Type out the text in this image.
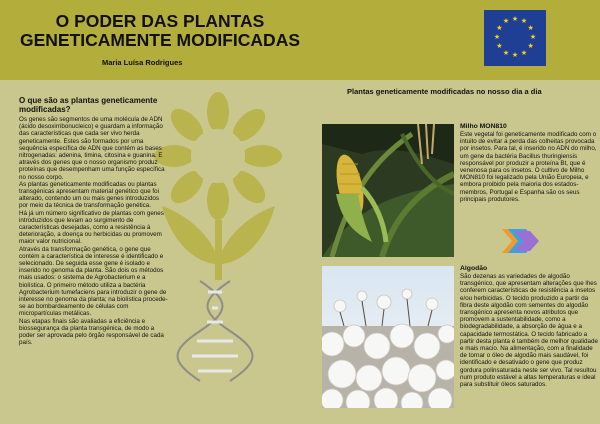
O PODER DAS PLANTAS
GENETICAMENTE MODIFICADAS
Maria Luísa Rodrigues
★ ★
★
★
★
★
★
★
★
★
★
★
O que são as plantas geneticamente modificadas?
Os genes são segmentos de uma molécula de ADN (ácido desoxirribonucleico) e guardam a informação das características que cada ser vivo herda geneticamente. Estes são formados por uma sequência específica de ADN que contém as bases nitrogenadas: adenina, timina, citosina e guanina. E através dos genes que o nosso organismo produz proteínas que desempenham uma função específica no nosso corpo.
As plantas geneticamente modificadas ou plantas transgénicas apresentam material genético que foi alterado, contendo um ou mais genes introduzidos por meio da técnica de transformação genética.
Há já um número significativo de plantas com genes introduzidos que levam ao surgimento de características desejadas, como a resistência à deterioração, a doença ou herbicidas ou promovem maior valor nutricional.
Através da transformação genética, o gene que contém a característica de interesse é identificado e selecionado. De seguida esse gene é isolado e inserido no genoma da planta. São dois os métodos mais usados: o sistema de Agrobacterium e a biolística. O primeiro método utiliza a bactéria Agrobacterium tumefaciens para introduzir o gene de interesse no genoma da planta; na biolística procede-se ao bombardeamento de células com micropartículas metálicas.
Nas etapas finais são avaliadas a eficiência e biossegurança da planta transgénica, de modo a poder ser aprovada pelo órgão responsável de cada país.
Plantas geneticamente modificadas no nosso dia a dia
Milho MON810
Este vegetal foi geneticamente modificado com o intuito de evitar a perda das colheitas provocada por insetos. Para tal, é inserido no ADN do milho, um gene da bactéria Bacillus thuringiensis responsável por produzir a proteína Bt, que é venenosa para os insetos. O cultivo de Milho MON810 foi legalizado pela União Europeia, e embora proibido pela maioria dos estados-membros, Portugal e Espanha são os seus principais produtores.
Algodão
São dezenas as variedades de algodão transgénico, que apresentam alterações que lhes conferem características de resistência a insetos e/ou herbicidas. O tecido produzido a partir da fibra deste algodão com sementes do algodão transgénico apresenta novos atributos que promovem a sustentabilidade, como a biodegradabilidade, a absorção de água e a capacidade termostática. O tecido fabricado a partir desta planta é também de melhor qualidade e mais macio. Na alimentação, com a finalidade de tornar o óleo de algodão mais saudável, foi identificado e desativado o gene que produz gordura polinsaturada neste ser vivo. Tal resultou num produto estável a altas temperaturas e ideal para substituir óleos saturados.
